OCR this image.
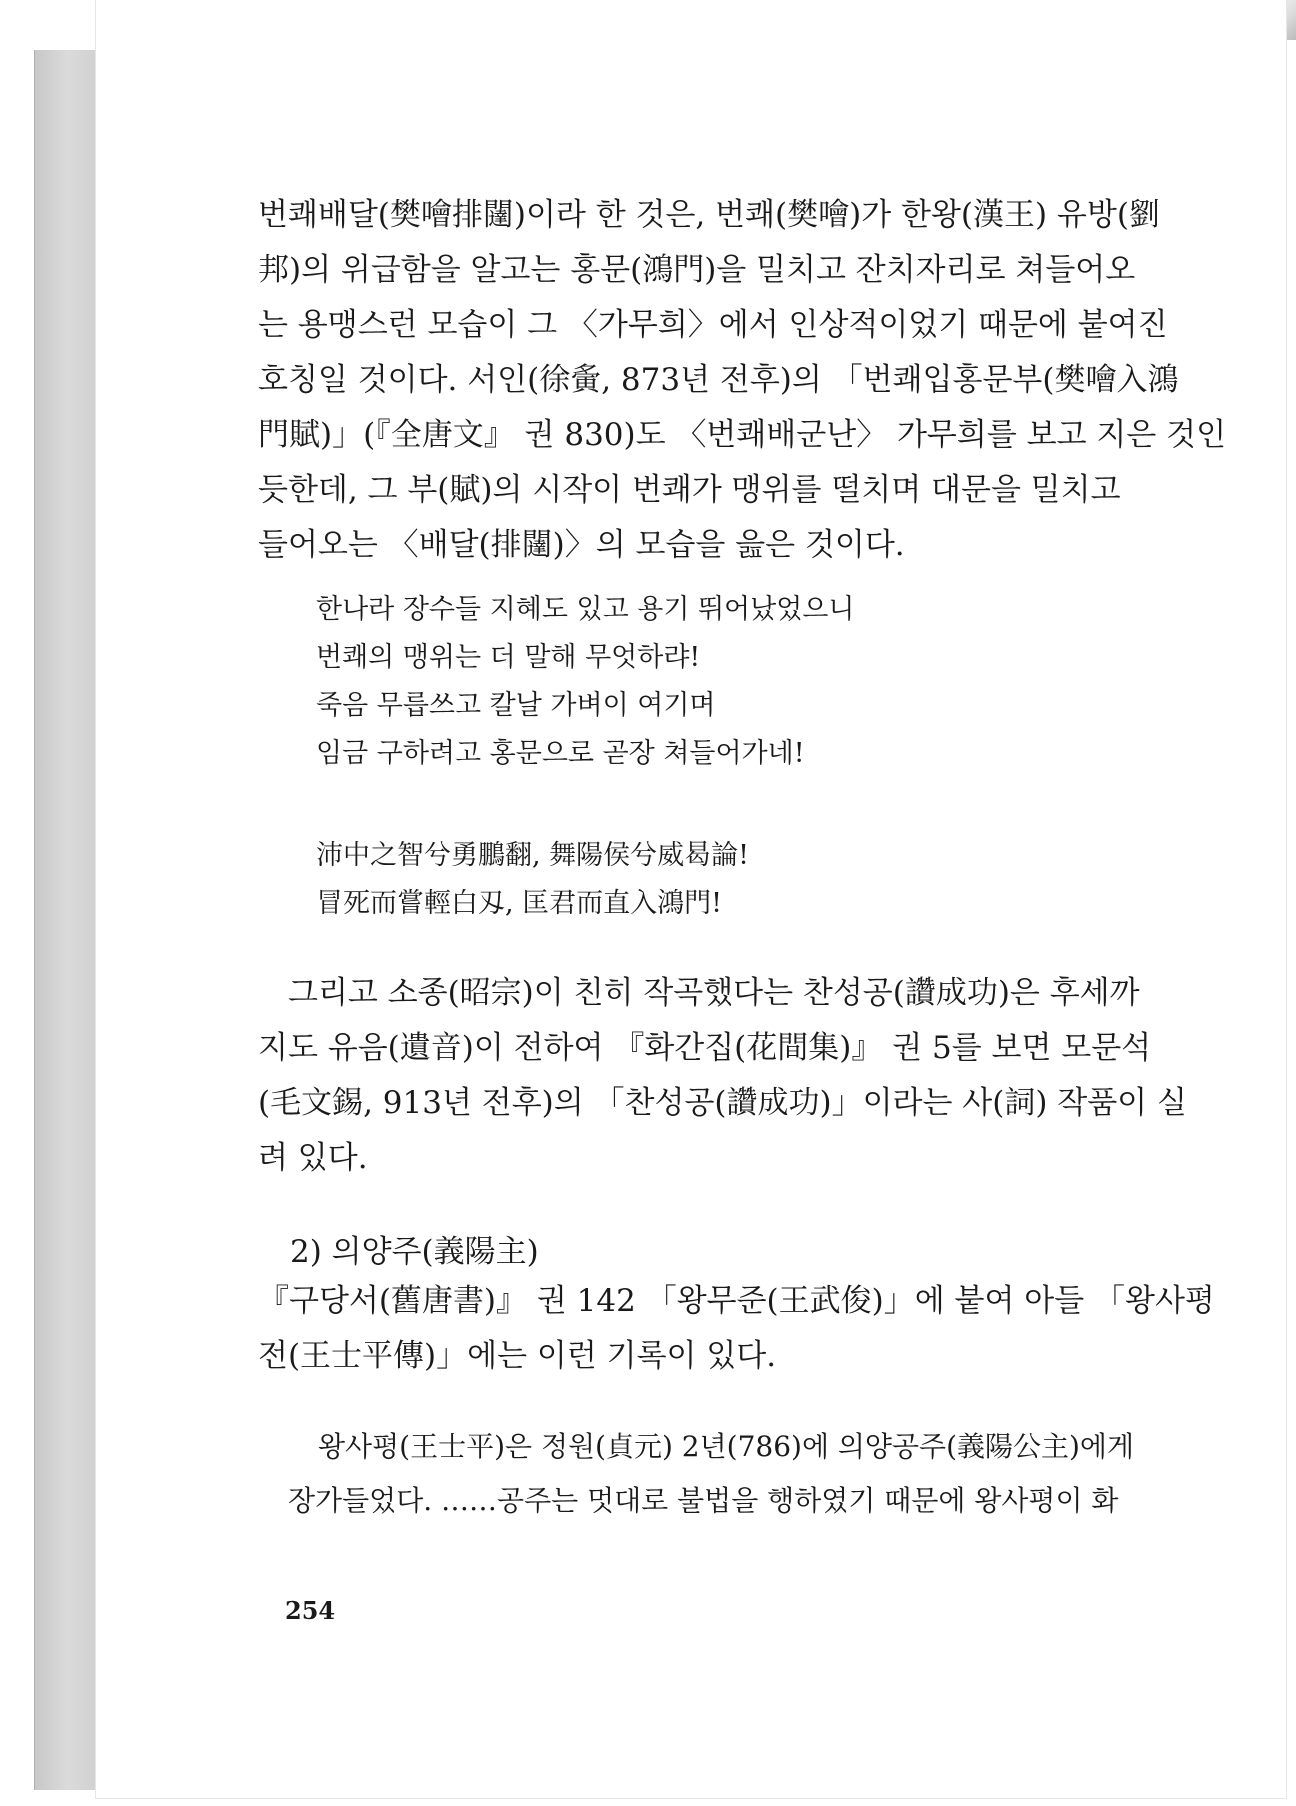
번쾌배달(樊噲排闥)이라 한 것은, 번쾌(樊噲)가 한왕(漢王) 유방(劉
邦)의 위급함을 알고는 홍문(鴻門)을 밀치고 잔치자리로 쳐들어오
는 용맹스런 모습이 그 〈가무희〉에서 인상적이었기 때문에 붙여진
호칭일 것이다. 서인(徐夤, 873년 전후)의 「번쾌입홍문부(樊噲入鴻
門賦)」(『全唐文』 권 830)도 〈번쾌배군난〉 가무희를 보고 지은 것인
듯한데, 그 부(賦)의 시작이 번쾌가 맹위를 떨치며 대문을 밀치고
들어오는 〈배달(排闥)〉의 모습을 읊은 것이다.

한나라 장수들 지혜도 있고 용기 뛰어났었으니
번쾌의 맹위는 더 말해 무엇하랴!
죽음 무릅쓰고 칼날 가벼이 여기며
임금 구하려고 홍문으로 곧장 쳐들어가네!
沛中之智兮勇鵬翻, 舞陽侯兮威曷論!
冒死而嘗輕白刄, 匡君而直入鴻門!

그리고 소종(昭宗)이 친히 작곡했다는 찬성공(讚成功)은 후세까
지도 유음(遺音)이 전하여 『화간집(花間集)』 권 5를 보면 모문석
(毛文錫, 913년 전후)의 「찬성공(讚成功)」이라는 사(詞) 작품이 실
려 있다.

2) 의양주(義陽主)

『구당서(舊唐書)』 권 142 「왕무준(王武俊)」에 붙여 아들 「왕사평
전(王士平傳)」에는 이런 기록이 있다.

왕사평(王士平)은 정원(貞元) 2년(786)에 의양공주(義陽公主)에게
장가들었다. ……공주는 멋대로 불법을 행하였기 때문에 왕사평이 화
254
